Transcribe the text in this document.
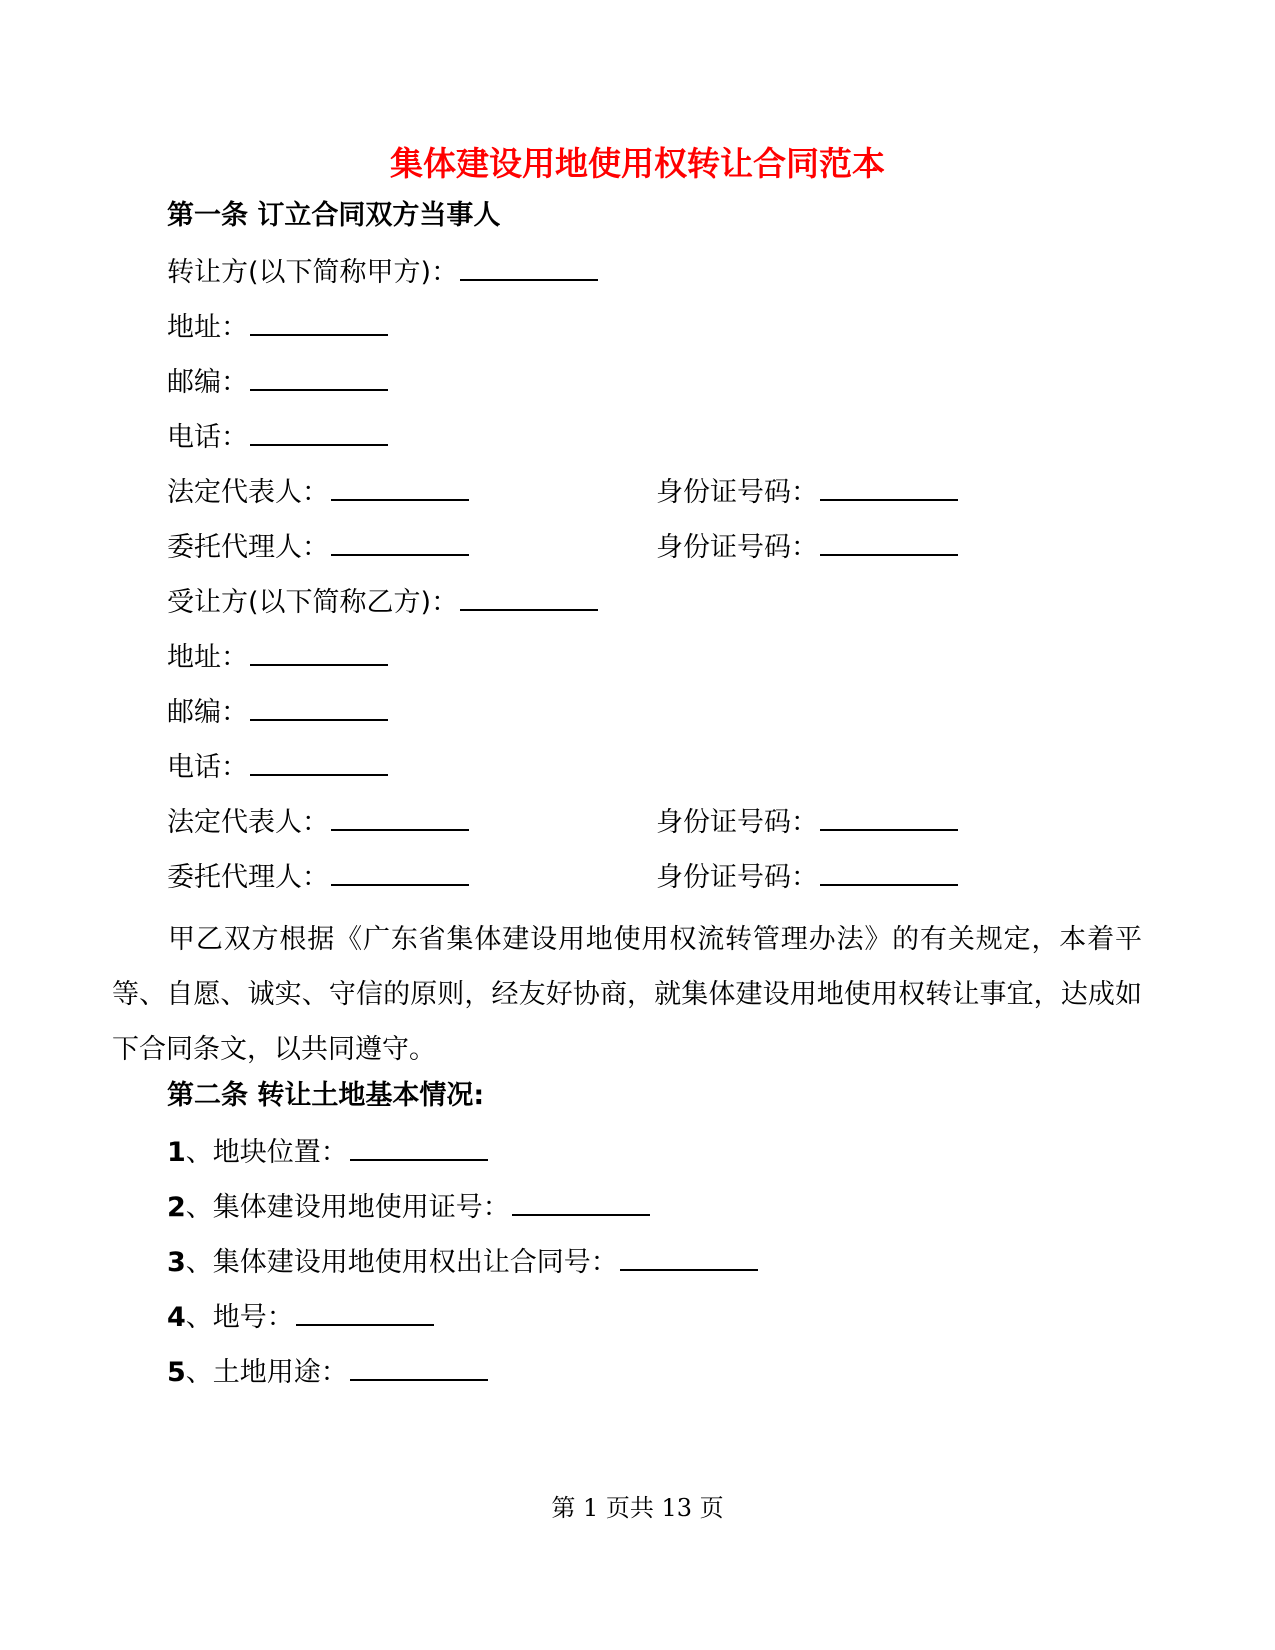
集体建设用地使用权转让合同范本
第一条 订立合同双方当事人
转让方(以下简称甲方)：
地址：
邮编：
电话：
法定代表人：	身份证号码：
委托代理人：	身份证号码：
受让方(以下简称乙方)：
地址：
邮编：
电话：
法定代表人：	身份证号码：
委托代理人：	身份证号码：
甲乙双方根据《广东省集体建设用地使用权流转管理办法》的有关规定，本着平等、自愿、诚实、守信的原则，经友好协商，就集体建设用地使用权转让事宜，达成如下合同条文，以共同遵守。
第二条 转让土地基本情况:
1、地块位置：
2、集体建设用地使用证号：
3、集体建设用地使用权出让合同号：
4、地号：
5、土地用途：
第 1 页共 13 页
